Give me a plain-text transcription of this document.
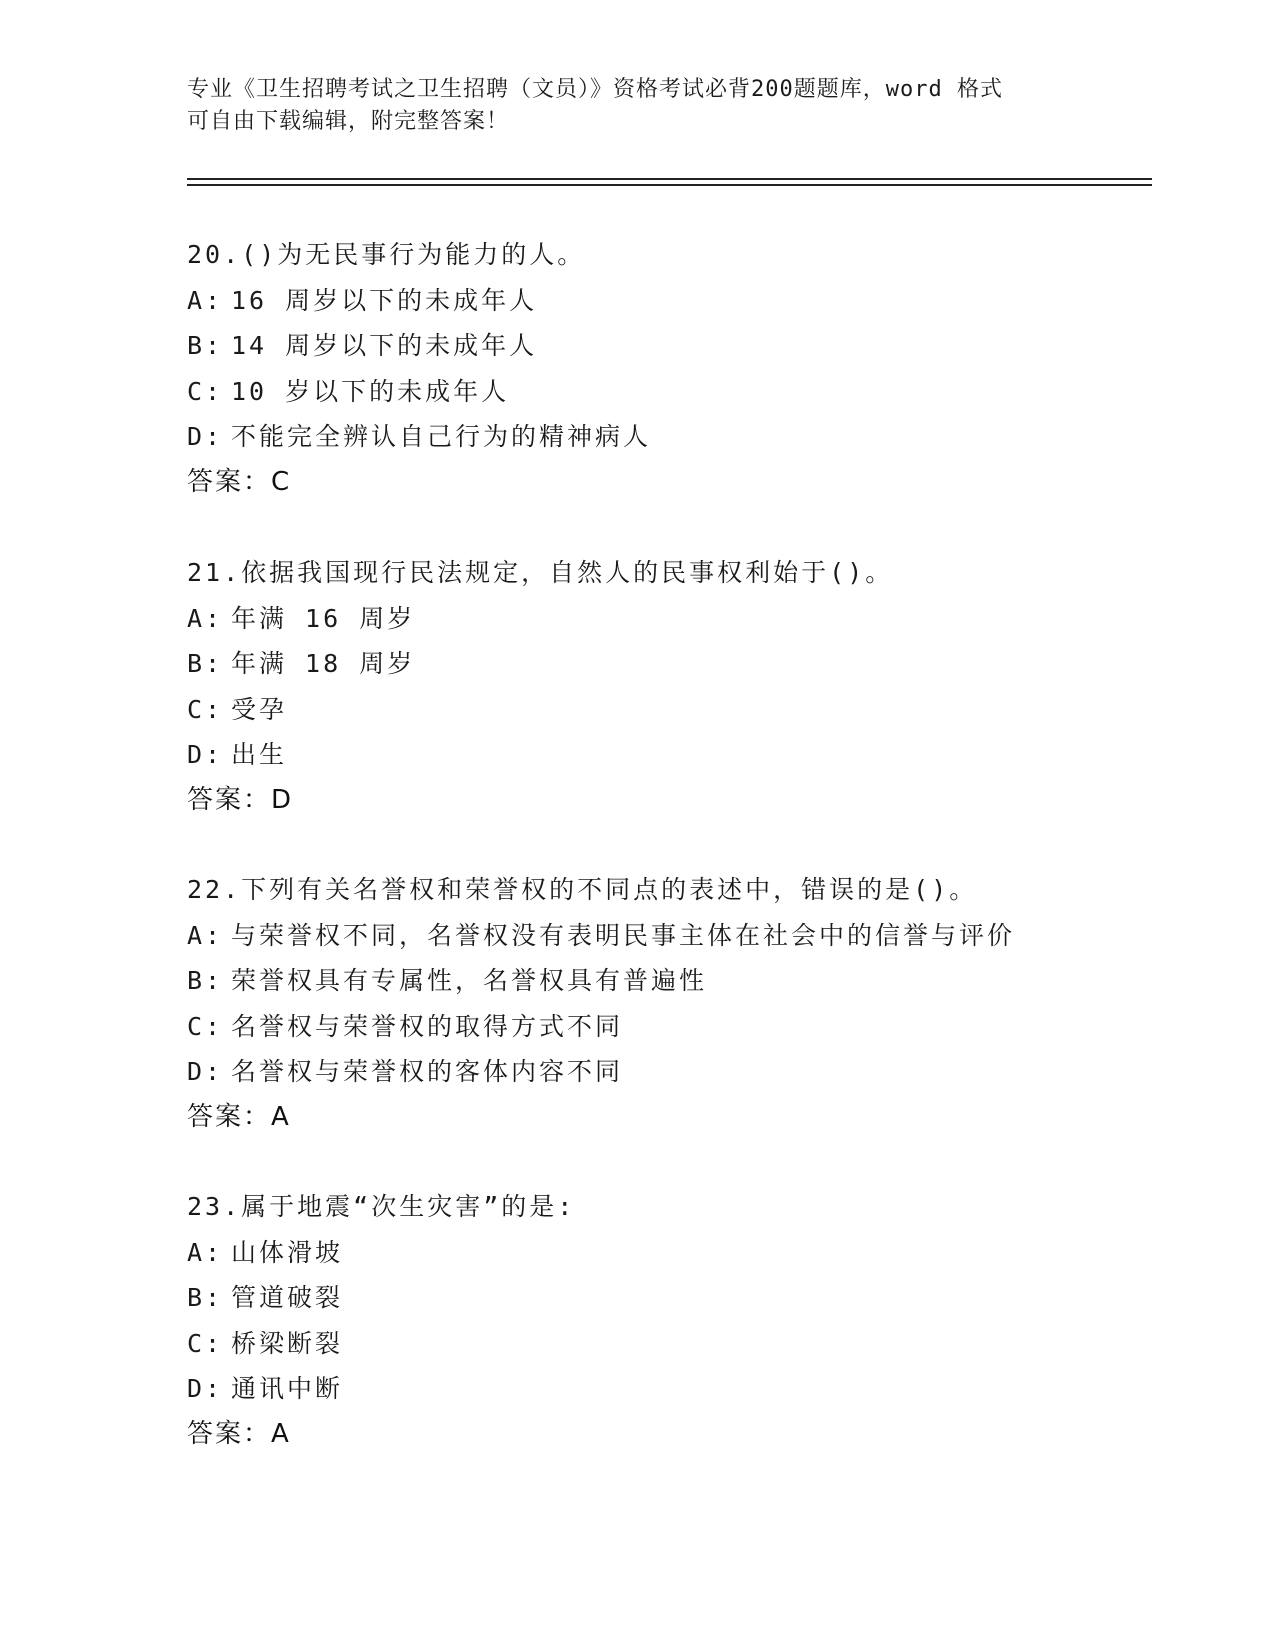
专业《卫生招聘考试之卫生招聘（文员）》资格考试必背200题题库，word 格式
可自由下载编辑，附完整答案！
20.()为无民事行为能力的人。
A: 16 周岁以下的未成年人
B: 14 周岁以下的未成年人
C: 10 岁以下的未成年人
D: 不能完全辨认自己行为的精神病人
答案：C
21.依据我国现行民法规定，自然人的民事权利始于()。
A: 年满 16 周岁
B: 年满 18 周岁
C: 受孕
D: 出生
答案：D
22.下列有关名誉权和荣誉权的不同点的表述中，错误的是()。
A: 与荣誉权不同，名誉权没有表明民事主体在社会中的信誉与评价
B: 荣誉权具有专属性，名誉权具有普遍性
C: 名誉权与荣誉权的取得方式不同
D: 名誉权与荣誉权的客体内容不同
答案：A
23.属于地震“次生灾害”的是:
A: 山体滑坡
B: 管道破裂
C: 桥梁断裂
D: 通讯中断
答案：A
